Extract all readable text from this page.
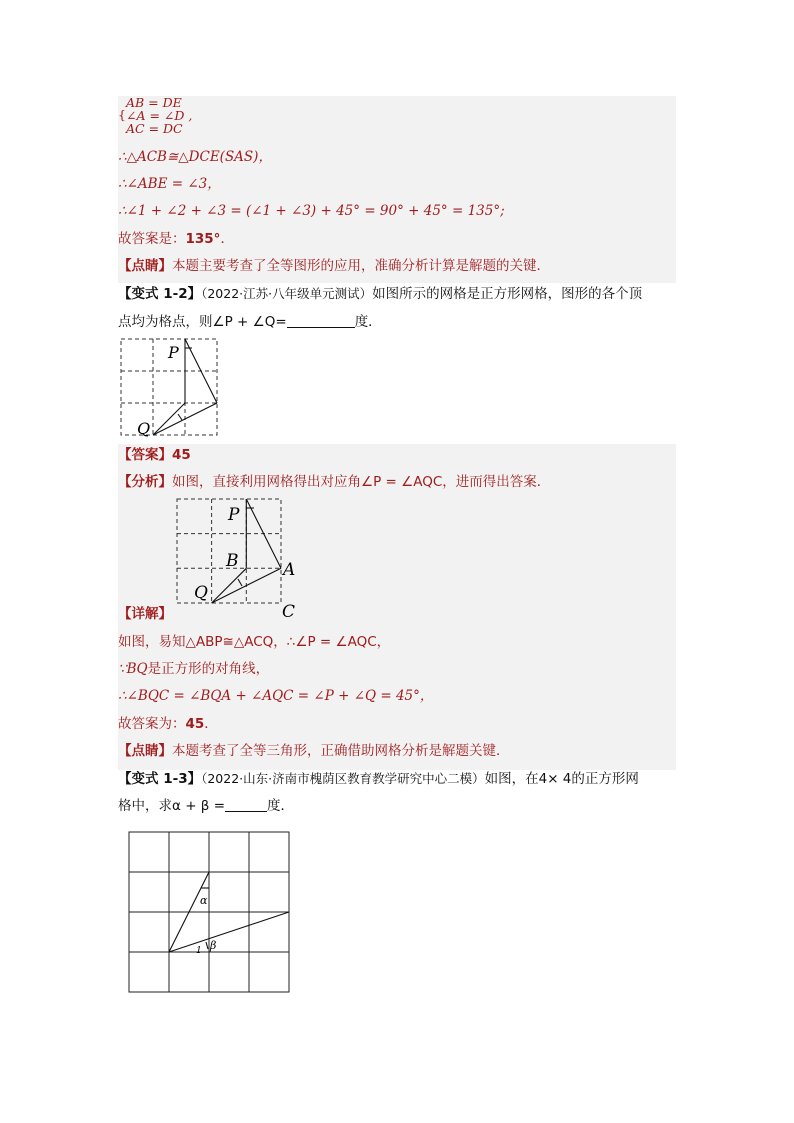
AB = DE
∠A = ∠D ,
AC = DC
{
∴△ACB≅△DCE(SAS)，
∴∠ABE = ∠3，
∴∠1 + ∠2 + ∠3 = (∠1 + ∠3) + 45° = 90° + 45° = 135°;
故答案是：135°．
【点睛】本题主要考查了全等图形的应用，准确分析计算是解题的关键．
【变式 1-2】（2022·江苏·八年级单元测试）如图所示的网格是正方形网格，图形的各个顶
点均为格点，则∠P + ∠Q=	度．
P
Q
【答案】45
【分析】如图，直接利用网格得出对应角∠P = ∠AQC，进而得出答案．
P
B	A
Q
C
【详解】
如图，易知△ABP≅△ACQ，∴∠P = ∠AQC，
∵BQ是正方形的对角线，
∴∠BQC = ∠BQA + ∠AQC = ∠P + ∠Q = 45°，
故答案为：45．
【点睛】本题考查了全等三角形，正确借助网格分析是解题关键．
【变式 1-3】（2022·山东·济南市槐荫区教育教学研究中心二模）如图，在4× 4的正方形网
格中，求α + β =	度．
α
β
1
